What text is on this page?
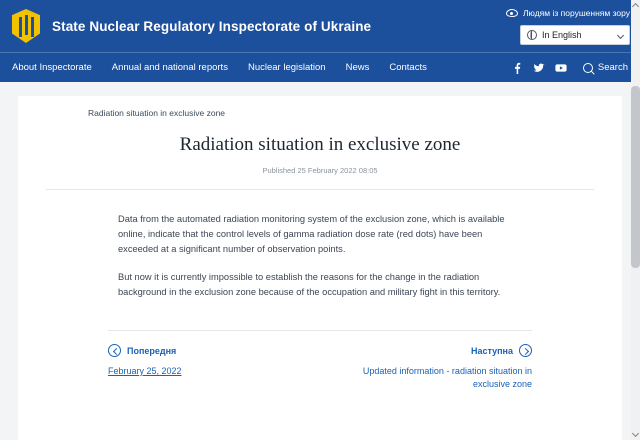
State Nuclear Regulatory Inspectorate of Ukraine
Людям із порушенням зору
In English
About Inspectorate Annual and national reports Nuclear legislation News Contacts	Search
Radiation situation in exclusive zone
Radiation situation in exclusive zone
Published 25 February 2022 08:05

Data from the automated radiation monitoring system of the exclusion zone, which is available online, indicate that the control levels of gamma radiation dose rate (red dots) have been exceeded at a significant number of observation points.

But now it is currently impossible to establish the reasons for the change in the radiation background in the exclusion zone because of the occupation and military fight in this territory.

Попередня
February 25, 2022
Наступна
Updated information - radiation situation in exclusive zone
